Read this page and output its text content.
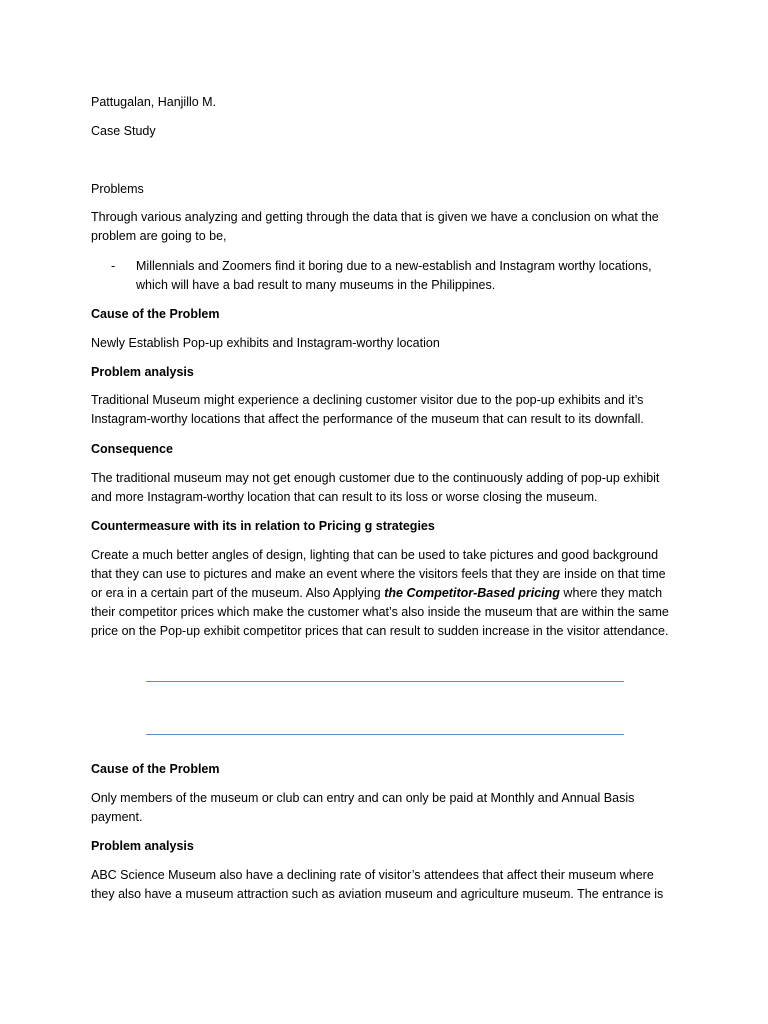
Pattugalan, Hanjillo M.

Case Study

Problems

Through various analyzing and getting through the data that is given we have a conclusion on what the problem are going to be,

- Millennials and Zoomers find it boring due to a new-establish and Instagram worthy locations, which will have a bad result to many museums in the Philippines.

Cause of the Problem

Newly Establish Pop-up exhibits and Instagram-worthy location

Problem analysis

Traditional Museum might experience a declining customer visitor due to the pop-up exhibits and it’s Instagram-worthy locations that affect the performance of the museum that can result to its downfall.

Consequence

The traditional museum may not get enough customer due to the continuously adding of pop-up exhibit and more Instagram-worthy location that can result to its loss or worse closing the museum.

Countermeasure with its in relation to Pricing g strategies

Create a much better angles of design, lighting that can be used to take pictures and good background that they can use to pictures and make an event where the visitors feels that they are inside on that time or era in a certain part of the museum. Also Applying the Competitor-Based pricing where they match their competitor prices which make the customer what’s also inside the museum that are within the same price on the Pop-up exhibit competitor prices that can result to sudden increase in the visitor attendance.

Cause of the Problem

Only members of the museum or club can entry and can only be paid at Monthly and Annual Basis payment.

Problem analysis

ABC Science Museum also have a declining rate of visitor’s attendees that affect their museum where they also have a museum attraction such as aviation museum and agriculture museum. The entrance is
